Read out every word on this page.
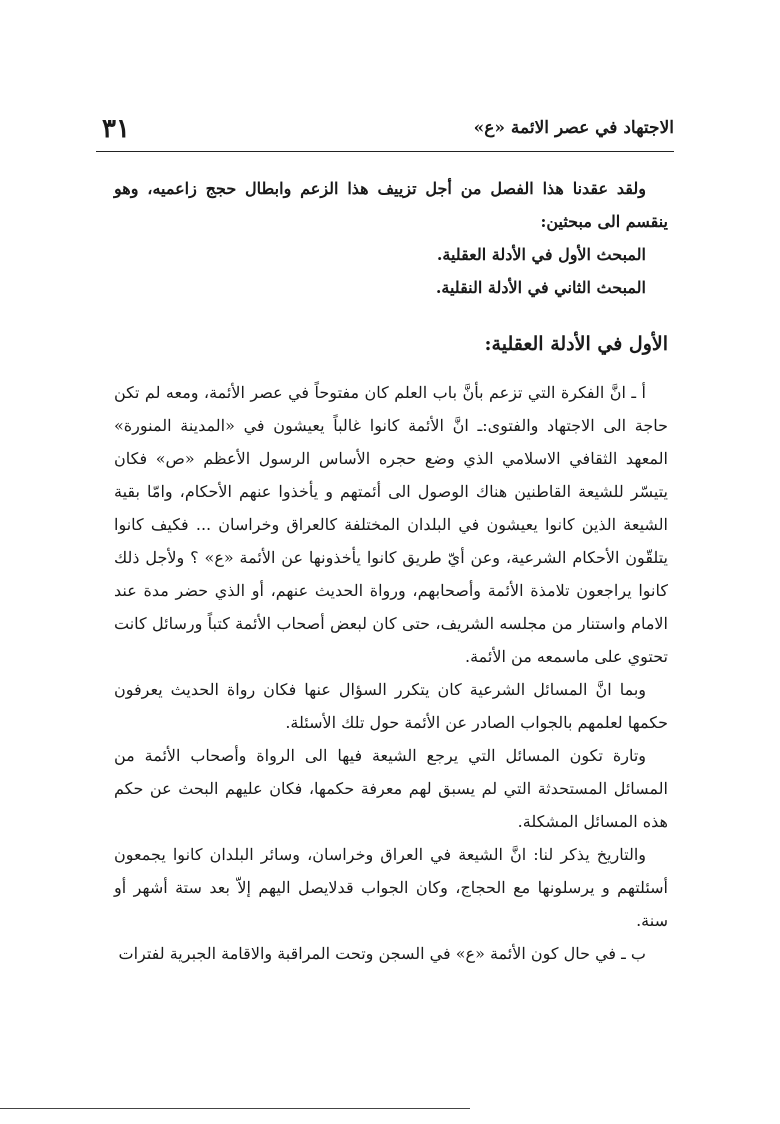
٣١	الاجتهاد في عصر الائمة «ع»

ولقد عقدنا هذا الفصل من أجل تزييف هذا الزعم وابطال حجج زاعميه، وهو ينقسم الى مبحثين:

المبحث الأول في الأدلة العقلية.

المبحث الثاني في الأدلة النقلية.

الأول في الأدلة العقلية:

أ ـ انَّ الفكرة التي تزعم بأنَّ باب العلم كان مفتوحاً في عصر الأئمة، ومعه لم تكن حاجة الى الاجتهاد والفتوى:ـ انَّ الأئمة كانوا غالباً يعيشون في «المدينة المنورة» المعهد الثقافي الاسلامي الذي وضع حجره الأساس الرسول الأعظم «ص» فكان يتيسّر للشيعة القاطنين هناك الوصول الى أئمتهم و يأخذوا عنهم الأحكام، وامّا بقية الشيعة الذين كانوا يعيشون في البلدان المختلفة كالعراق وخراسان ... فكيف كانوا يتلقّون الأحكام الشرعية، وعن أيّ طريق كانوا يأخذونها عن الأئمة «ع» ؟ ولأجل ذلك كانوا يراجعون تلامذة الأئمة وأصحابهم، ورواة الحديث عنهم، أو الذي حضر مدة عند الامام واستنار من مجلسه الشريف، حتى كان لبعض أصحاب الأئمة كتباً ورسائل كانت تحتوي على ماسمعه من الأئمة.

وبما انَّ المسائل الشرعية كان يتكرر السؤال عنها فكان رواة الحديث يعرفون حكمها لعلمهم بالجواب الصادر عن الأئمة حول تلك الأسئلة.

وتارة تكون المسائل التي يرجع الشيعة فيها الى الرواة وأصحاب الأئمة من المسائل المستحدثة التي لم يسبق لهم معرفة حكمها، فكان عليهم البحث عن حكم هذه المسائل المشكلة.

والتاريخ يذكر لنا: انَّ الشيعة في العراق وخراسان، وسائر البلدان كانوا يجمعون أسئلتهم و يرسلونها مع الحجاج، وكان الجواب قدلايصل اليهم إلاّ بعد ستة أشهر أو سنة.

ب ـ في حال كون الأئمة «ع» في السجن وتحت المراقبة والاقامة الجبرية لفترات
